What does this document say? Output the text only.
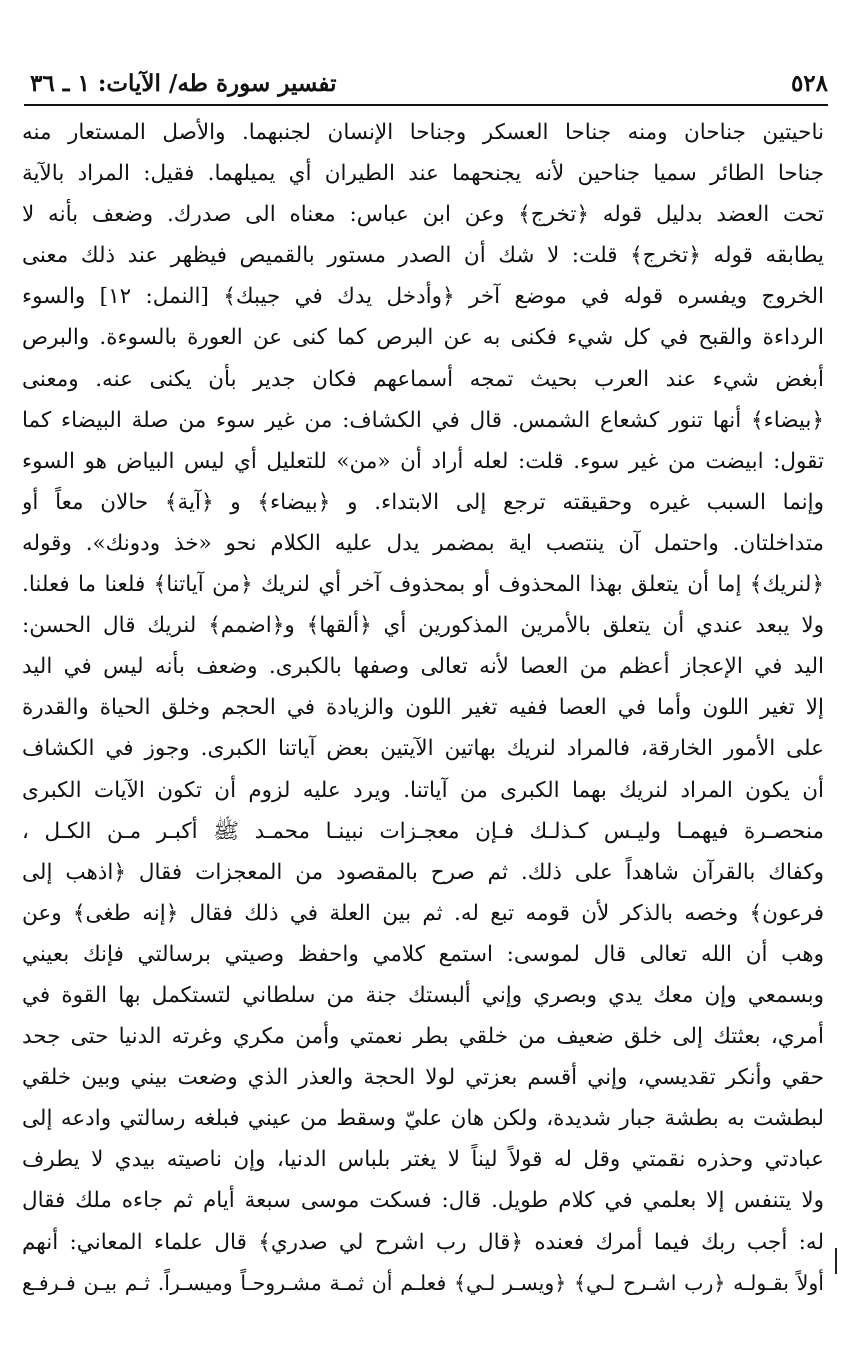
٥٢٨
تفسير سورة طه/ الآيات: ١ ـ ٣٦
ناحيتين جناحان ومنه جناحا العسكر وجناحا الإنسان لجنبهما. والأصل المستعار منه
جناحا الطائر سميا جناحين لأنه يجنحهما عند الطيران أي يميلهما. فقيل: المراد بالآية
تحت العضد بدليل قوله ﴿تخرج﴾ وعن ابن عباس: معناه الى صدرك. وضعف بأنه لا
يطابقه قوله ﴿تخرج﴾ قلت: لا شك أن الصدر مستور بالقميص فيظهر عند ذلك معنى
الخروج ويفسره قوله في موضع آخر ﴿وأدخل يدك في جيبك﴾ [النمل: ١٢] والسوء
الرداءة والقبح في كل شيء فكنى به عن البرص كما كنى عن العورة بالسوءة. والبرص
أبغض شيء عند العرب بحيث تمجه أسماعهم فكان جدير بأن يكنى عنه. ومعنى
﴿بيضاء﴾ أنها تنور كشعاع الشمس. قال في الكشاف: من غير سوء من صلة البيضاء كما
تقول: ابيضت من غير سوء. قلت: لعله أراد أن «من» للتعليل أي ليس البياض هو السوء
وإنما السبب غيره وحقيقته ترجع إلى الابتداء. و ﴿بيضاء﴾ و ﴿آية﴾ حالان معاً أو
متداخلتان. واحتمل آن ينتصب اية بمضمر يدل عليه الكلام نحو «خذ ودونك». وقوله
﴿لنريك﴾ إما أن يتعلق بهذا المحذوف أو بمحذوف آخر أي لنريك ﴿من آياتنا﴾ فلعنا ما فعلنا.
ولا يبعد عندي أن يتعلق بالأمرين المذكورين أي ﴿ألقها﴾ و﴿اضمم﴾ لنريك قال الحسن:
اليد في الإعجاز أعظم من العصا لأنه تعالى وصفها بالكبرى. وضعف بأنه ليس في اليد
إلا تغير اللون وأما في العصا ففيه تغير اللون والزيادة في الحجم وخلق الحياة والقدرة
على الأمور الخارقة، فالمراد لنريك بهاتين الآيتين بعض آياتنا الكبرى. وجوز في الكشاف
أن يكون المراد لنريك بهما الكبرى من آياتنا. ويرد عليه لزوم أن تكون الآيات الكبرى
منحصـرة فيهمـا وليـس كـذلـك فـإن معجـزات نبينـا محمـد ﷺ أكبـر مـن الكـل ،
وكفاك بالقرآن شاهداً على ذلك. ثم صرح بالمقصود من المعجزات فقال ﴿اذهب إلى
فرعون﴾ وخصه بالذكر لأن قومه تبع له. ثم بين العلة في ذلك فقال ﴿إنه طغى﴾ وعن
وهب أن الله تعالى قال لموسى: استمع كلامي واحفظ وصيتي برسالتي فإنك بعيني
وبسمعي وإن معك يدي وبصري وإني ألبستك جنة من سلطاني لتستكمل بها القوة في
أمري، بعثتك إلى خلق ضعيف من خلقي بطر نعمتي وأمن مكري وغرته الدنيا حتى جحد
حقي وأنكر تقديسي، وإني أقسم بعزتي لولا الحجة والعذر الذي وضعت بيني وبين خلقي
لبطشت به بطشة جبار شديدة، ولكن هان عليّ وسقط من عيني فبلغه رسالتي وادعه إلى
عبادتي وحذره نقمتي وقل له قولاً ليناً لا يغتر بلباس الدنيا، وإن ناصيته بيدي لا يطرف
ولا يتنفس إلا بعلمي في كلام طويل. قال: فسكت موسى سبعة أيام ثم جاءه ملك فقال
له: أجب ربك فيما أمرك فعنده ﴿قال رب اشرح لي صدري﴾ قال علماء المعاني: أنهم
أولاً بقـولـه ﴿رب اشـرح لـي﴾ ﴿ويسـر لـي﴾ فعلـم أن ثمـة مشـروحـاً وميسـراً. ثـم بيـن فـرفـع
